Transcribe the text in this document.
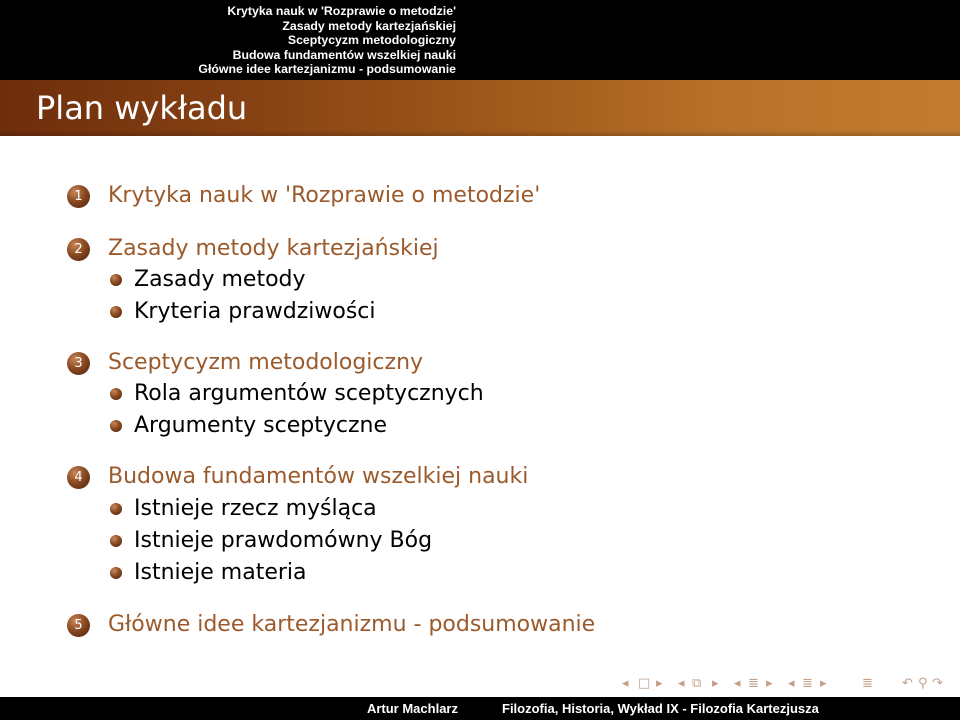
Krytyka nauk w 'Rozprawie o metodzie'
Zasady metody kartezjańskiej
Sceptycyzm metodologiczny
Budowa fundamentów wszelkiej nauki
Główne idee kartezjanizmu - podsumowanie
Plan wykładu
1	Krytyka nauk w 'Rozprawie o metodzie'
2	Zasady metody kartezjańskiej
Zasady metody
Kryteria prawdziwości
3	Sceptycyzm metodologiczny
Rola argumentów sceptycznych
Argumenty sceptyczne
4	Budowa fundamentów wszelkiej nauki
Istnieje rzecz myśląca
Istnieje prawdomówny Bóg
Istnieje materia
5	Główne idee kartezjanizmu - podsumowanie
◂ □ ▸ ◂ ⧉ ▸ ◂ ≣ ▸ ◂ ≣ ▸	≣ ↶ ⚲ ↷
Artur Machlarz	Filozofia, Historia, Wykład IX - Filozofia Kartezjusza
